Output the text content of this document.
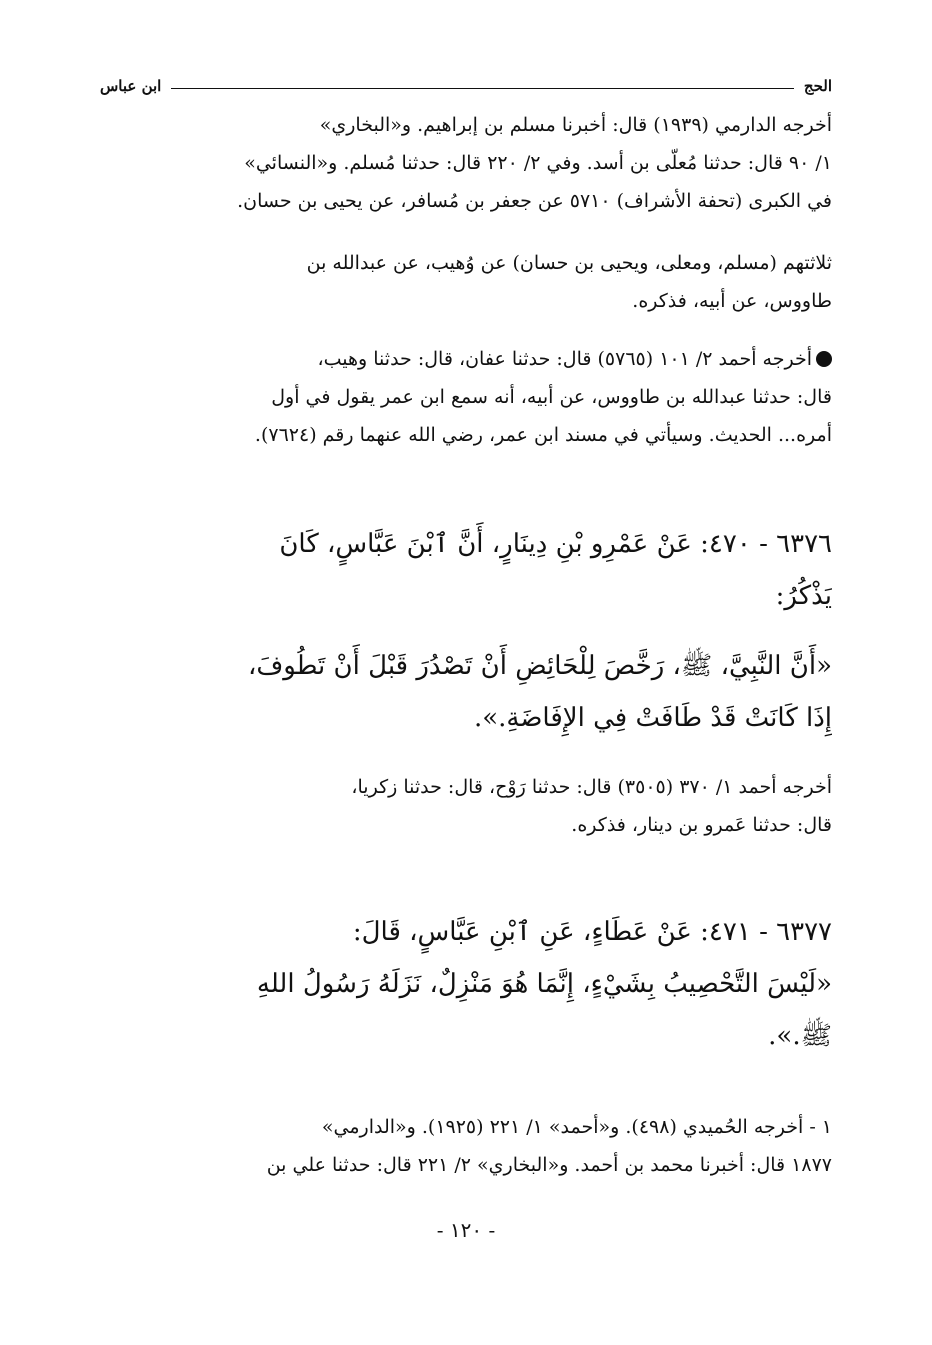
الحج
ابن عباس
أخرجه الدارمي (١٩٣٩) قال: أخبرنا مسلم بن إبراهيم. و«البخاري»
١/ ٩٠ قال: حدثنا مُعلّى بن أسد. وفي ٢/ ٢٢٠ قال: حدثنا مُسلم. و«النسائي»
في الكبرى (تحفة الأشراف) ٥٧١٠ عن جعفر بن مُسافر، عن يحيى بن حسان.
ثلاثتهم (مسلم، ومعلى، ويحيى بن حسان) عن وُهيب، عن عبدالله بن
طاووس، عن أبيه، فذكره.
أخرجه أحمد ٢/ ١٠١ (٥٧٦٥) قال: حدثنا عفان، قال: حدثنا وهيب،
قال: حدثنا عبدالله بن طاووس، عن أبيه، أنه سمع ابن عمر يقول في أول
أمره... الحديث. وسيأتي في مسند ابن عمر، رضي الله عنهما رقم (٧٦٢٤).
٦٣٧٦ - ٤٧٠: عَنْ عَمْرِو بْنِ دِينَارٍ، أَنَّ ٱبْنَ عَبَّاسٍ، كَانَ
يَذْكُرُ:
«أَنَّ النَّبِيَّ، ﷺ، رَخَّصَ لِلْحَائِضِ أَنْ تَصْدُرَ قَبْلَ أَنْ تَطُوفَ،
إِذَا كَانَتْ قَدْ طَافَتْ فِي الإِفَاضَةِ.».
أخرجه أحمد ١/ ٣٧٠ (٣٥٠٥) قال: حدثنا رَوْح، قال: حدثنا زكريا،
قال: حدثنا عَمرو بن دينار، فذكره.
٦٣٧٧ - ٤٧١: عَنْ عَطَاءٍ، عَنِ ٱبْنِ عَبَّاسٍ، قَالَ:
«لَيْسَ التَّحْصِيبُ بِشَيْءٍ، إِنَّمَا هُوَ مَنْزِلٌ، نَزَلَهُ رَسُولُ اللهِ
ﷺ.».
١ - أخرجه الحُميدي (٤٩٨). و«أحمد» ١/ ٢٢١ (١٩٢٥). و«الدارمي»
١٨٧٧ قال: أخبرنا محمد بن أحمد. و«البخاري» ٢/ ٢٢١ قال: حدثنا علي بن
- ١٢٠ -
